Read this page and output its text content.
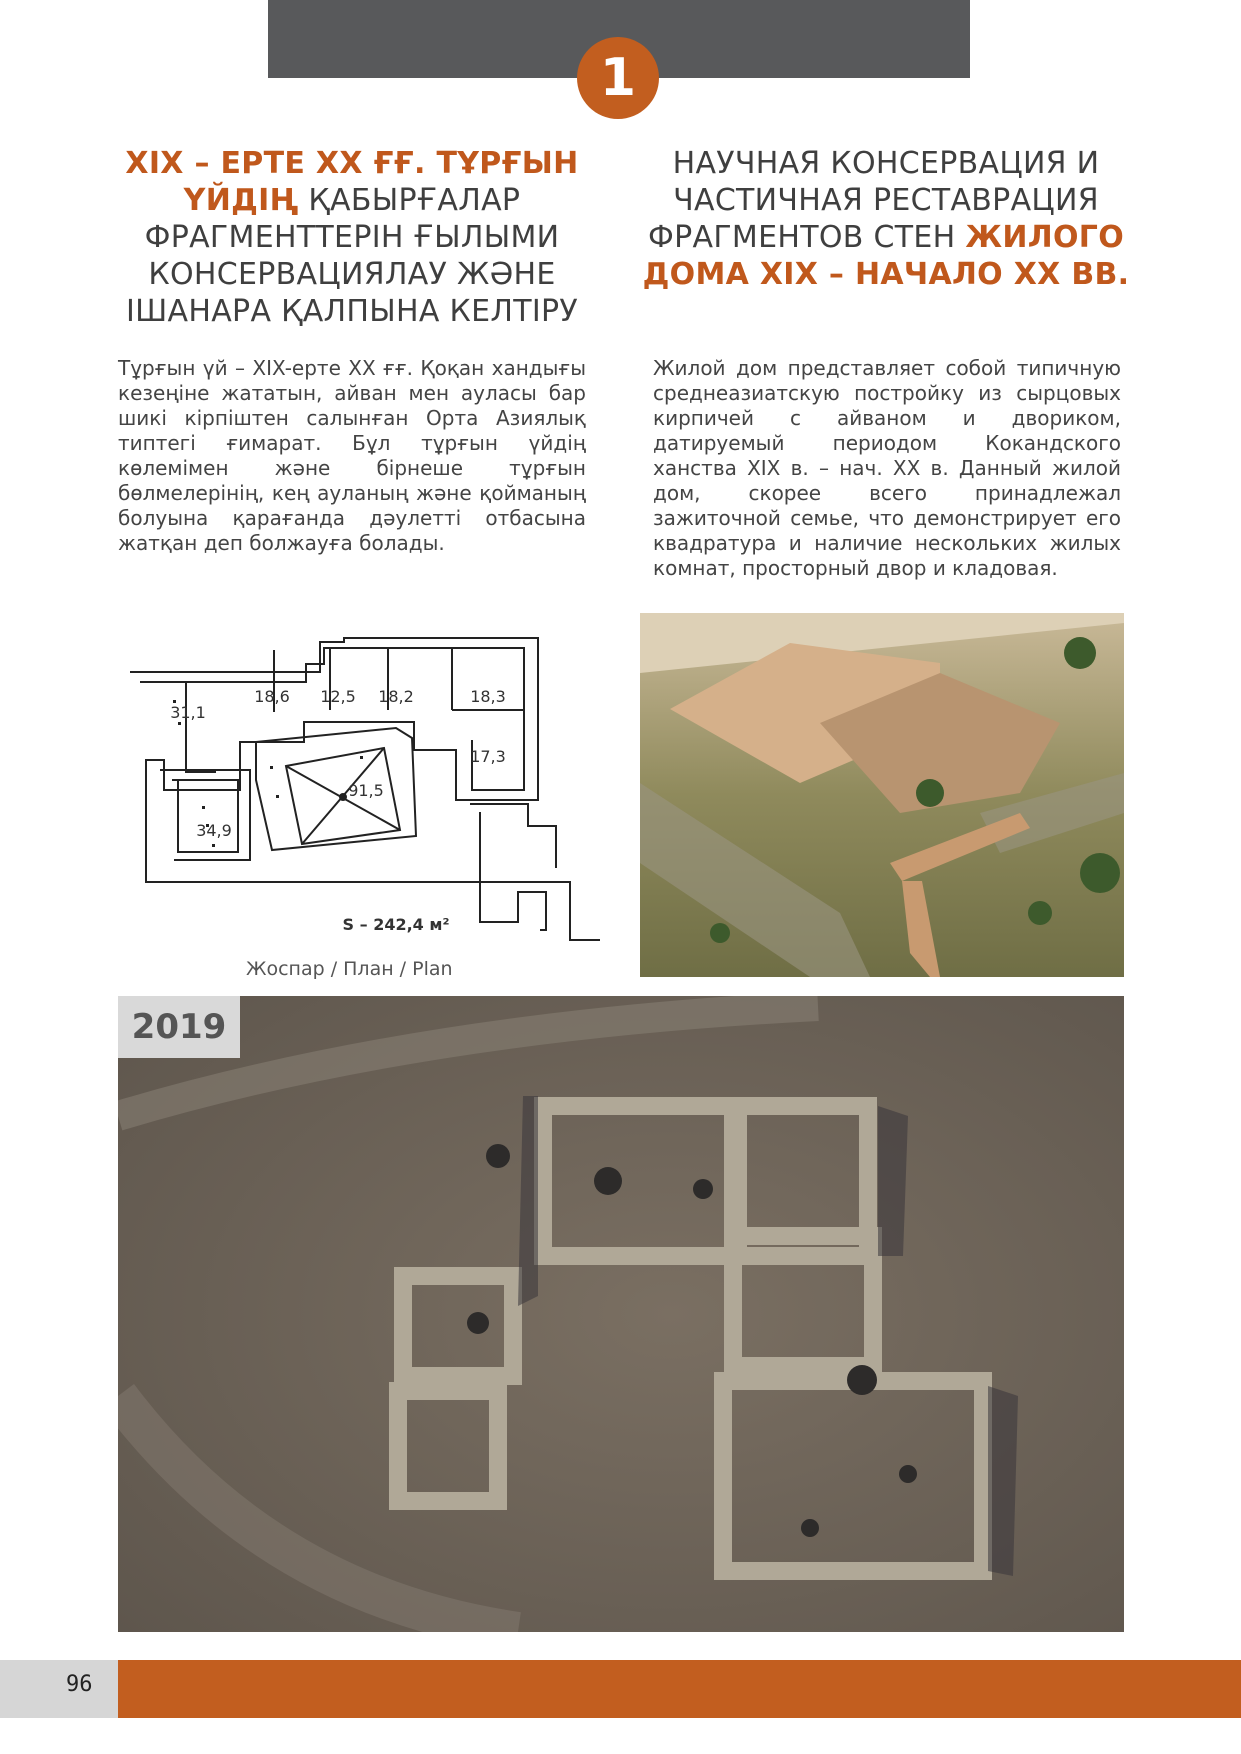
1
XIX – ЕРТЕ XX ҒҒ. ТҰРҒЫН ҮЙДІҢ ҚАБЫРҒАЛАР ФРАГМЕНТТЕРІН ҒЫЛЫМИ КОНСЕРВАЦИЯЛАУ ЖӘНЕ ІШАНАРА ҚАЛПЫНА КЕЛТІРУ
НАУЧНАЯ КОНСЕРВАЦИЯ И ЧАСТИЧНАЯ РЕСТАВРАЦИЯ ФРАГМЕНТОВ СТЕН ЖИЛОГО ДОМА XIX – НАЧАЛО XX ВВ.

Тұрғын үй – XIX-ерте XX ғғ. Қоқан хандығы кезеңіне жататын, айван мен ауласы бар шикі кірпіштен салынған Орта Азиялық типтегі ғимарат. Бұл тұрғын үйдің көлемімен және бірнеше тұрғын бөлмелерінің, кең ауланың және қойманың болуына қарағанда дәулетті отбасына жатқан деп болжауға болады.

Жилой дом представляет собой типичную среднеазиатскую постройку из сырцовых кирпичей с айваном и двориком, датируемый периодом Кокандского ханства XIX в. – нач. XX в. Данный жилой дом, скорее всего принадлежал зажиточной семье, что демонстрирует его квадратура и наличие нескольких жилых комнат, просторный двор и кладовая.

31,1
18,6 12,5 18,2	18,3
17,3
34,9
91,5
S – 242,4 м²
Жоспар / План / Plan
2019
96
